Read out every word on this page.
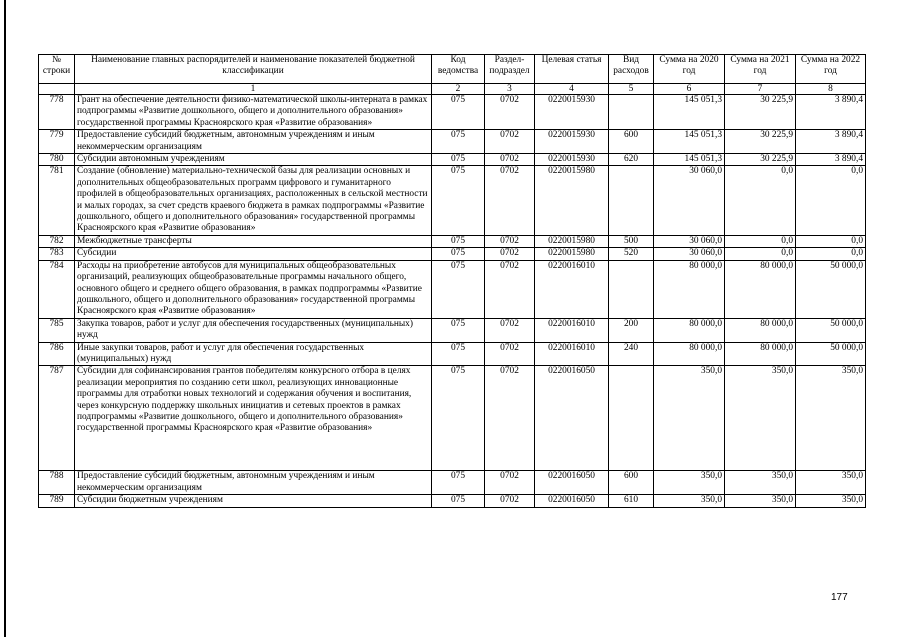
№ строки	Наименование главных распорядителей и наименование показателей бюджетной классификации	Код ведомства	Раздел-подраздел	Целевая статья	Вид расходов	Сумма на 2020 год	Сумма на 2021 год	Сумма на 2022 год
	1	2	3	4	5	6	7	8
778	Грант на обеспечение деятельности физико-математической школы-интерната в рамках подпрограммы «Развитие дошкольного, общего и дополнительного образования» государственной программы Красноярского края «Развитие образования»	075	0702	0220015930		145 051,3	30 225,9	3 890,4
779	Предоставление субсидий бюджетным, автономным учреждениям и иным некоммерческим организациям	075	0702	0220015930	600	145 051,3	30 225,9	3 890,4
780	Субсидии автономным учреждениям	075	0702	0220015930	620	145 051,3	30 225,9	3 890,4
781	Создание (обновление) материально-технической базы для реализации основных и дополнительных общеобразовательных программ цифрового и гуманитарного профилей в общеобразовательных организациях, расположенных в сельской местности и малых городах, за счет средств краевого бюджета в рамках подпрограммы «Развитие дошкольного, общего и дополнительного образования» государственной программы Красноярского края «Развитие образования»	075	0702	0220015980		30 060,0	0,0	0,0
782	Межбюджетные трансферты	075	0702	0220015980	500	30 060,0	0,0	0,0
783	Субсидии	075	0702	0220015980	520	30 060,0	0,0	0,0
784	Расходы на приобретение автобусов для муниципальных общеобразовательных организаций, реализующих общеобразовательные программы начального общего, основного общего и среднего общего образования, в рамках подпрограммы «Развитие дошкольного, общего и дополнительного образования» государственной программы Красноярского края «Развитие образования»	075	0702	0220016010		80 000,0	80 000,0	50 000,0
785	Закупка товаров, работ и услуг для обеспечения государственных (муниципальных) нужд	075	0702	0220016010	200	80 000,0	80 000,0	50 000,0
786	Иные закупки товаров, работ и услуг для обеспечения государственных (муниципальных) нужд	075	0702	0220016010	240	80 000,0	80 000,0	50 000,0
787	Субсидии для софинансирования грантов победителям конкурсного отбора в целях реализации мероприятия по созданию сети школ, реализующих инновационные программы для отработки новых технологий и содержания обучения и воспитания, через конкурсную поддержку школьных инициатив и сетевых проектов в рамках подпрограммы «Развитие дошкольного, общего и дополнительного образования» государственной программы Красноярского края «Развитие образования»	075	0702	0220016050		350,0	350,0	350,0
788	Предоставление субсидий бюджетным, автономным учреждениям и иным некоммерческим организациям	075	0702	0220016050	600	350,0	350,0	350,0
789	Субсидии бюджетным учреждениям	075	0702	0220016050	610	350,0	350,0	350,0
177
